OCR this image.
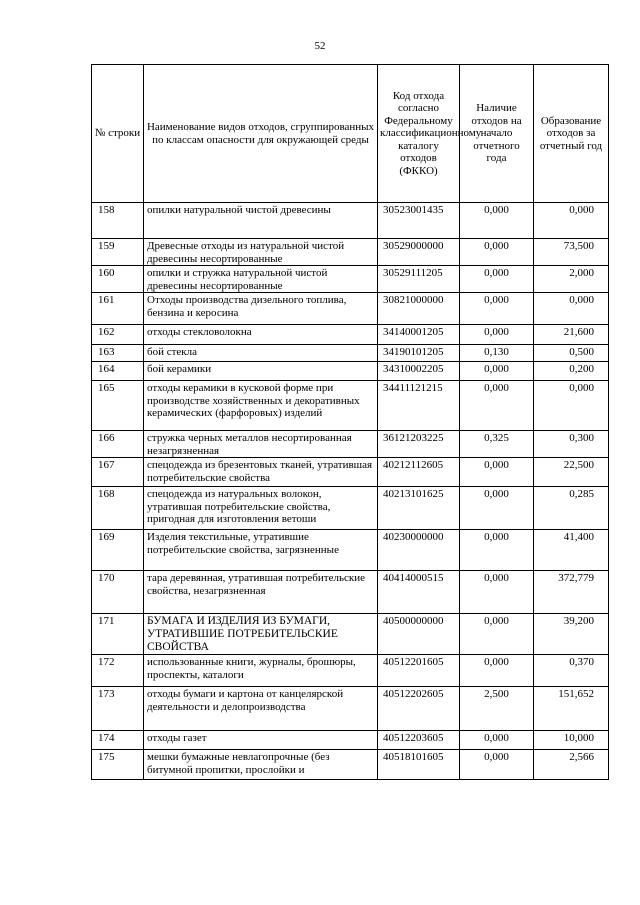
52
№ строки	Наименование видов отходов, сгруппированных по классам опасности для окружающей среды	Код отхода согласно Федеральному классификационному каталогу отходов (ФККО)	Наличие отходов на начало отчетного года	Образование отходов за отчетный год
158	опилки натуральной чистой древесины	30523001435	0,000	0,000
159	Древесные отходы из натуральной чистой древесины несортированные	30529000000	0,000	73,500
160	опилки и стружка натуральной чистой древесины несортированные	30529111205	0,000	2,000
161	Отходы производства дизельного топлива, бензина и керосина	30821000000	0,000	0,000
162	отходы стекловолокна	34140001205	0,000	21,600
163	бой стекла	34190101205	0,130	0,500
164	бой керамики	34310002205	0,000	0,200
165	отходы керамики в кусковой форме при производстве хозяйственных и декоративных керамических (фарфоровых) изделий	34411121215	0,000	0,000
166	стружка черных металлов несортированная незагрязненная	36121203225	0,325	0,300
167	спецодежда из брезентовых тканей, утратившая потребительские свойства	40212112605	0,000	22,500
168	спецодежда из натуральных волокон, утратившая потребительские свойства, пригодная для изготовления ветоши	40213101625	0,000	0,285
169	Изделия текстильные, утратившие потребительские свойства, загрязненные	40230000000	0,000	41,400
170	тара деревянная, утратившая потребительские свойства, незагрязненная	40414000515	0,000	372,779
171	БУМАГА И ИЗДЕЛИЯ ИЗ БУМАГИ, УТРАТИВШИЕ ПОТРЕБИТЕЛЬСКИЕ СВОЙСТВА	40500000000	0,000	39,200
172	использованные книги, журналы, брошюры, проспекты, каталоги	40512201605	0,000	0,370
173	отходы бумаги и картона от канцелярской деятельности и делопроизводства	40512202605	2,500	151,652
174	отходы газет	40512203605	0,000	10,000
175	мешки бумажные невлагопрочные (без битумной пропитки, прослойки и	40518101605	0,000	2,566
